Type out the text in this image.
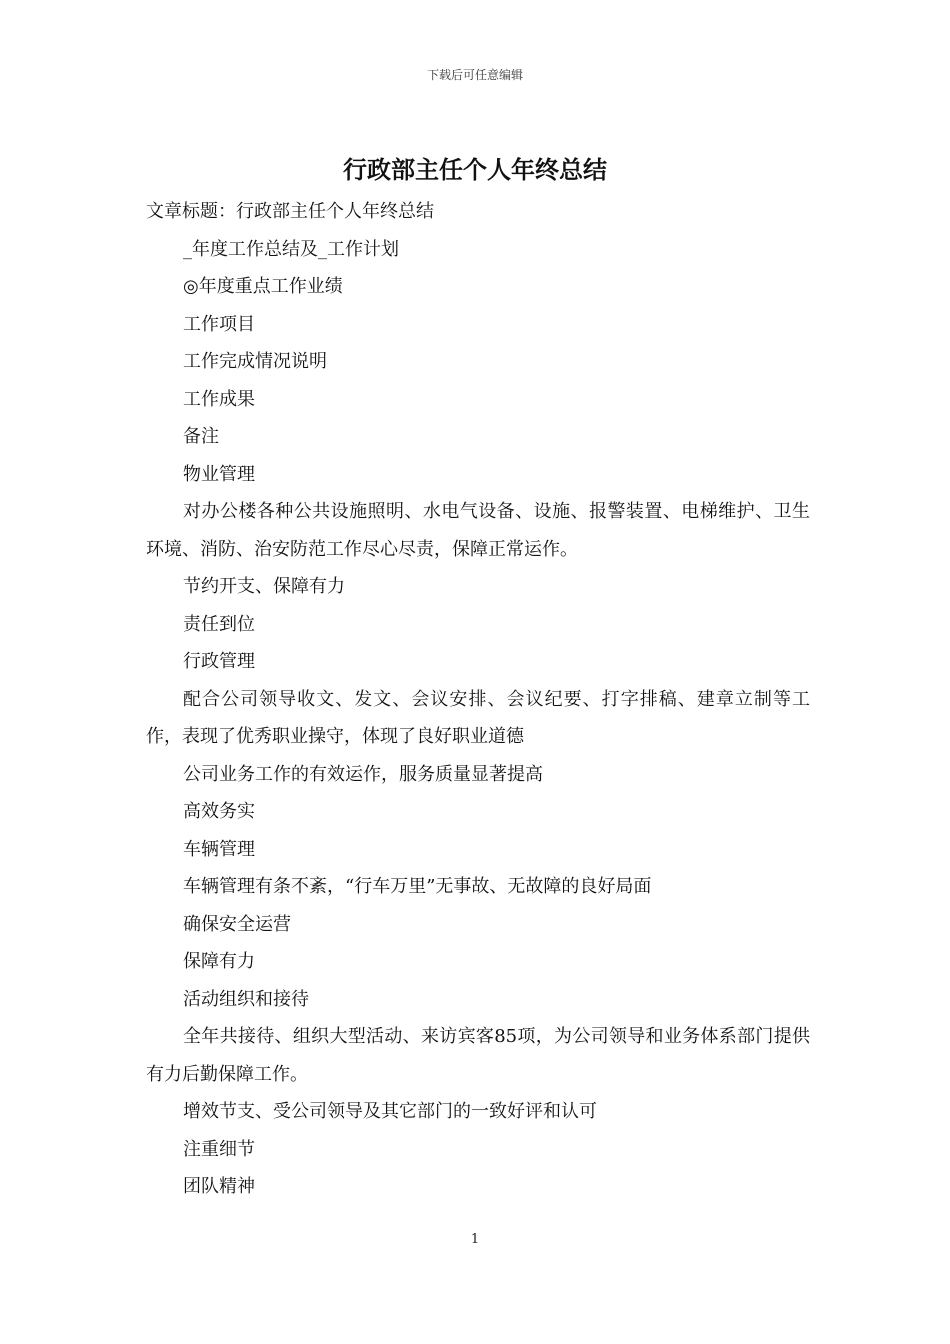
下载后可任意编辑
行政部主任个人年终总结

文章标题：行政部主任个人年终总结

_年度工作总结及_工作计划

◎年度重点工作业绩

工作项目

工作完成情况说明

工作成果

备注

物业管理

对办公楼各种公共设施照明、水电气设备、设施、报警装置、电梯维护、卫生环境、消防、治安防范工作尽心尽责，保障正常运作。

节约开支、保障有力

责任到位

行政管理

配合公司领导收文、发文、会议安排、会议纪要、打字排稿、建章立制等工作，表现了优秀职业操守，体现了良好职业道德

公司业务工作的有效运作，服务质量显著提高

高效务实

车辆管理

车辆管理有条不紊，“行车万里”无事故、无故障的良好局面

确保安全运营

保障有力

活动组织和接待

全年共接待、组织大型活动、来访宾客85项，为公司领导和业务体系部门提供有力后勤保障工作。

增效节支、受公司领导及其它部门的一致好评和认可

注重细节

团队精神

1
